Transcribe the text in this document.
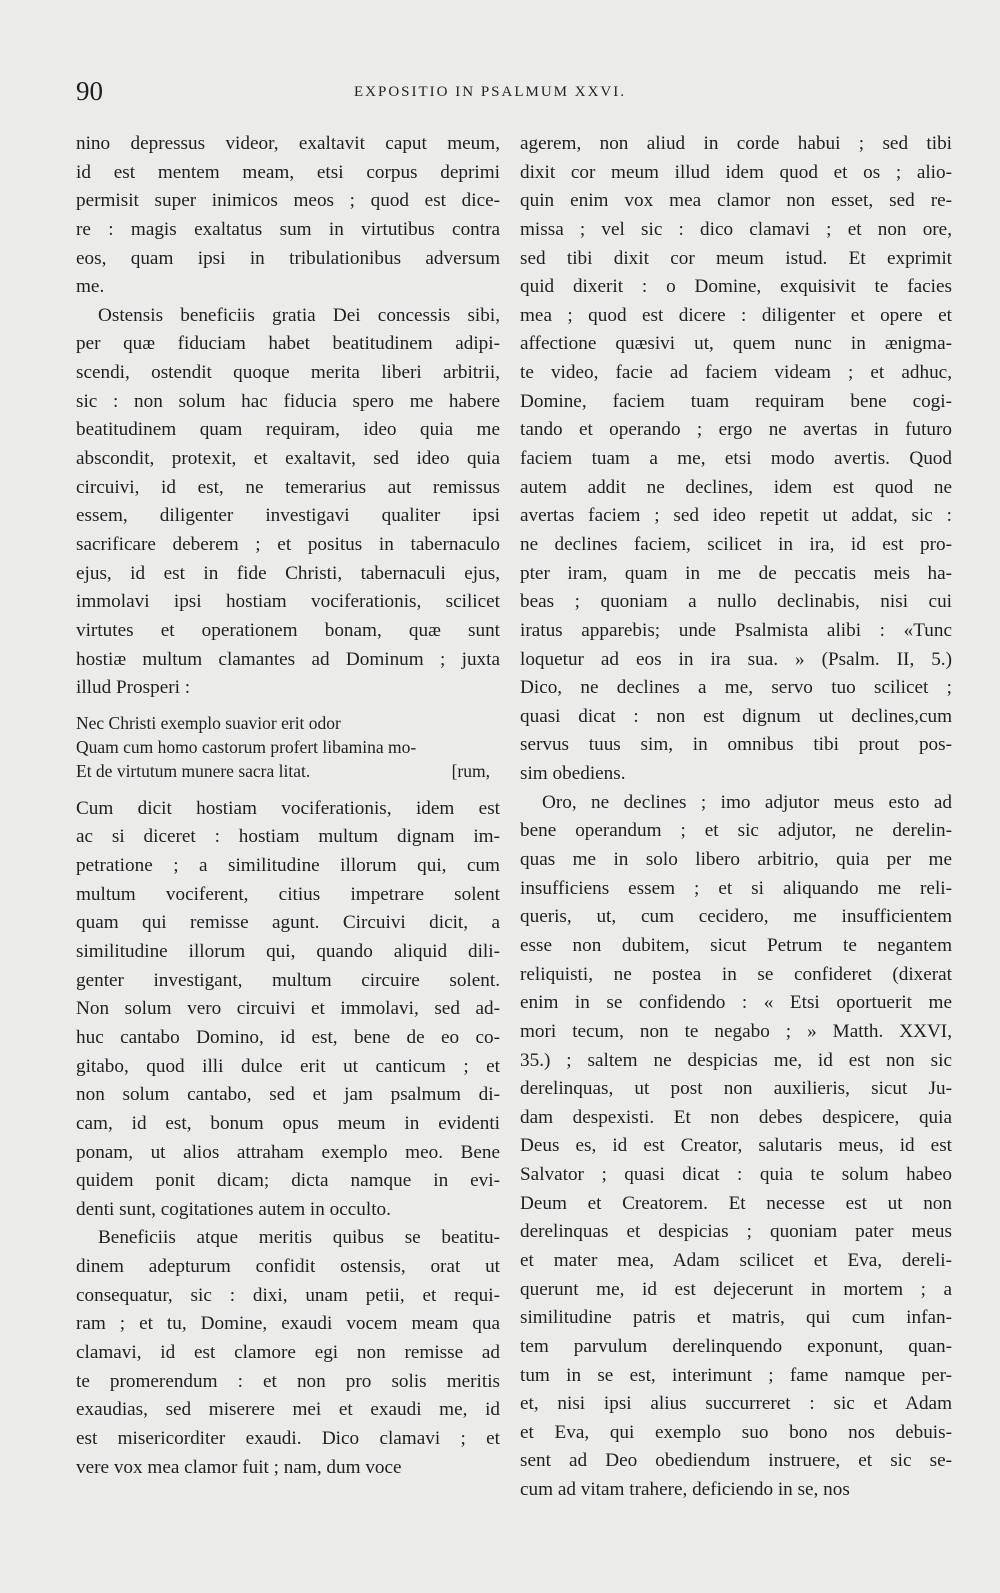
90	EXPOSITIO IN PSALMUM XXVI.
nino depressus videor, exaltavit caput meum,
id est mentem meam, etsi corpus deprimi
permisit super inimicos meos ; quod est dice-
re : magis exaltatus sum in virtutibus contra
eos, quam ipsi in tribulationibus adversum
me.
Ostensis beneficiis gratia Dei concessis sibi,
per quæ fiduciam habet beatitudinem adipi-
scendi, ostendit quoque merita liberi arbitrii,
sic : non solum hac fiducia spero me habere
beatitudinem quam requiram, ideo quia me
abscondit, protexit, et exaltavit, sed ideo quia
circuivi, id est, ne temerarius aut remissus
essem, diligenter investigavi qualiter ipsi
sacrificare deberem ; et positus in tabernaculo
ejus, id est in fide Christi, tabernaculi ejus,
immolavi ipsi hostiam vociferationis, scilicet
virtutes et operationem bonam, quæ sunt
hostiæ multum clamantes ad Dominum ; juxta
illud Prosperi :
Nec Christi exemplo suavior erit odor
Quam cum homo castorum profert libamina mo-
Et de virtutum munere sacra litat.	[rum,
Cum dicit hostiam vociferationis, idem est
ac si diceret : hostiam multum dignam im-
petratione ; a similitudine illorum qui, cum
multum vociferent, citius impetrare solent
quam qui remisse agunt. Circuivi dicit, a
similitudine illorum qui, quando aliquid dili-
genter investigant, multum circuire solent.
Non solum vero circuivi et immolavi, sed ad-
huc cantabo Domino, id est, bene de eo co-
gitabo, quod illi dulce erit ut canticum ; et
non solum cantabo, sed et jam psalmum di-
cam, id est, bonum opus meum in evidenti
ponam, ut alios attraham exemplo meo. Bene
quidem ponit dicam; dicta namque in evi-
denti sunt, cogitationes autem in occulto.
Beneficiis atque meritis quibus se beatitu-
dinem adepturum confidit ostensis, orat ut
consequatur, sic : dixi, unam petii, et requi-
ram ; et tu, Domine, exaudi vocem meam qua
clamavi, id est clamore egi non remisse ad
te promerendum : et non pro solis meritis
exaudias, sed miserere mei et exaudi me, id
est misericorditer exaudi. Dico clamavi ; et
vere vox mea clamor fuit ; nam, dum voce
agerem, non aliud in corde habui ; sed tibi
dixit cor meum illud idem quod et os ; alio-
quin enim vox mea clamor non esset, sed re-
missa ; vel sic : dico clamavi ; et non ore,
sed tibi dixit cor meum istud. Et exprimit
quid dixerit : o Domine, exquisivit te facies
mea ; quod est dicere : diligenter et opere et
affectione quæsivi ut, quem nunc in ænigma-
te video, facie ad faciem videam ; et adhuc,
Domine, faciem tuam requiram bene cogi-
tando et operando ; ergo ne avertas in futuro
faciem tuam a me, etsi modo avertis. Quod
autem addit ne declines, idem est quod ne
avertas faciem ; sed ideo repetit ut addat, sic :
ne declines faciem, scilicet in ira, id est pro-
pter iram, quam in me de peccatis meis ha-
beas ; quoniam a nullo declinabis, nisi cui
iratus apparebis; unde Psalmista alibi : «Tunc
loquetur ad eos in ira sua. » (Psalm. II, 5.)
Dico, ne declines a me, servo tuo scilicet ;
quasi dicat : non est dignum ut declines,cum
servus tuus sim, in omnibus tibi prout pos-
sim obediens.
Oro, ne declines ; imo adjutor meus esto ad
bene operandum ; et sic adjutor, ne derelin-
quas me in solo libero arbitrio, quia per me
insufficiens essem ; et si aliquando me reli-
queris, ut, cum cecidero, me insufficientem
esse non dubitem, sicut Petrum te negantem
reliquisti, ne postea in se confideret (dixerat
enim in se confidendo : « Etsi oportuerit me
mori tecum, non te negabo ; » Matth. XXVI,
35.) ; saltem ne despicias me, id est non sic
derelinquas, ut post non auxilieris, sicut Ju-
dam despexisti. Et non debes despicere, quia
Deus es, id est Creator, salutaris meus, id est
Salvator ; quasi dicat : quia te solum habeo
Deum et Creatorem. Et necesse est ut non
derelinquas et despicias ; quoniam pater meus
et mater mea, Adam scilicet et Eva, dereli-
querunt me, id est dejecerunt in mortem ; a
similitudine patris et matris, qui cum infan-
tem parvulum derelinquendo exponunt, quan-
tum in se est, interimunt ; fame namque per-
et, nisi ipsi alius succurreret : sic et Adam
et Eva, qui exemplo suo bono nos debuis-
sent ad Deo obediendum instruere, et sic se-
cum ad vitam trahere, deficiendo in se, nos
